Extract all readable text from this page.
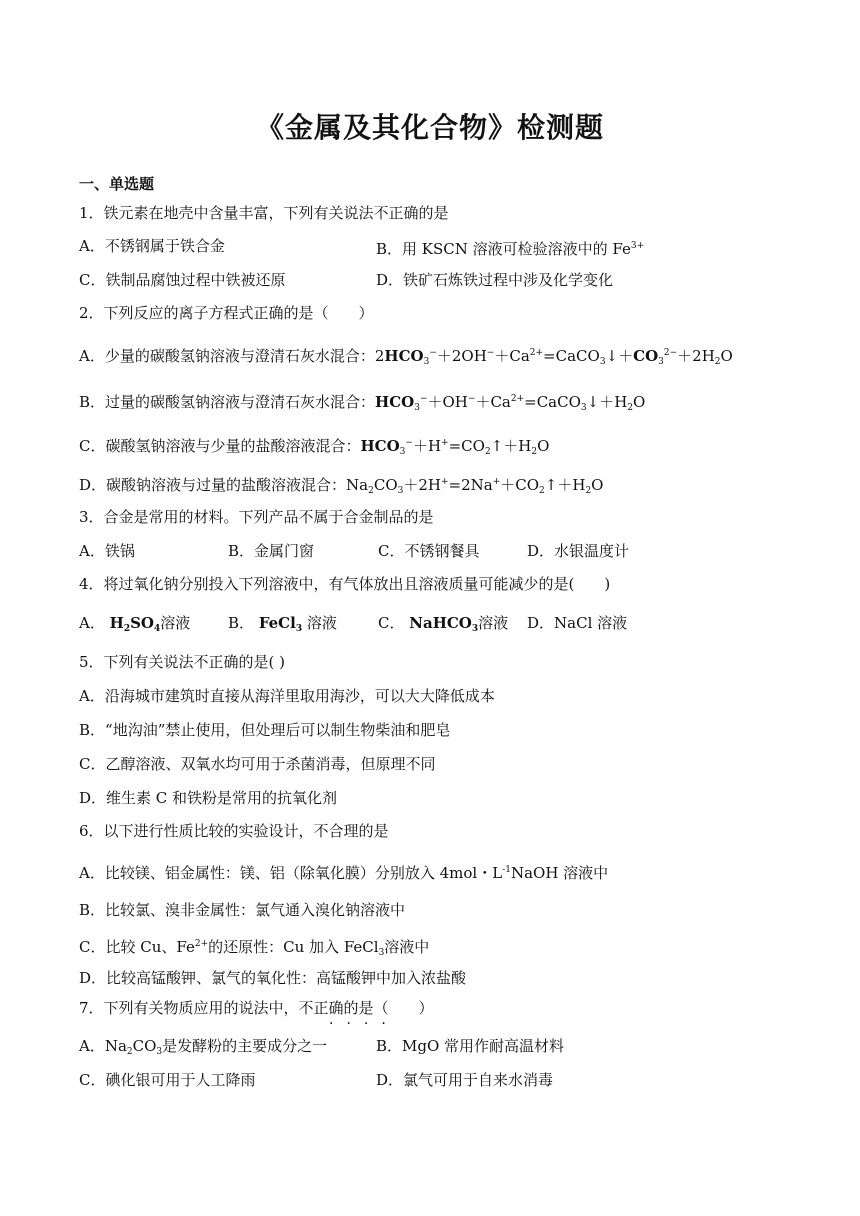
《金属及其化合物》检测题
一、单选题
1．铁元素在地壳中含量丰富，下列有关说法不正确的是
A．不锈钢属于铁合金	B．用 KSCN 溶液可检验溶液中的 $Fe^{3+}$
C．铁制品腐蚀过程中铁被还原	D．铁矿石炼铁过程中涉及化学变化
2．下列反应的离子方程式正确的是（　　）
A．少量的碳酸氢钠溶液与澄清石灰水混合：$2HCO_3^-+2OH^-+Ca^{2+}=CaCO_3↓+CO_3^{2-}+2H_2O$
B．过量的碳酸氢钠溶液与澄清石灰水混合：$HCO_3^-+OH^-+Ca^{2+}=CaCO_3↓+H_2O$
C．碳酸氢钠溶液与少量的盐酸溶液混合：$HCO_3^-+H^+=CO_2↑+H_2O$
D．碳酸钠溶液与过量的盐酸溶液混合：$Na_2CO_3+2H^+=2Na^++CO_2↑+H_2O$
3．合金是常用的材料。下列产品不属于合金制品的是
A．铁锅	B．金属门窗	C．不锈钢餐具	D．水银温度计
4．将过氧化钠分别投入下列溶液中，有气体放出且溶液质量可能减少的是(　　)
A． $H_2SO_4$溶液	B． FeCl$_3$ 溶液	C． NaHCO$_3$溶液 D．NaCl 溶液
5．下列有关说法不正确的是( )
A．沿海城市建筑时直接从海洋里取用海沙，可以大大降低成本
B．“地沟油”禁止使用，但处理后可以制生物柴油和肥皂
C．乙醇溶液、双氧水均可用于杀菌消毒，但原理不同
D．维生素 C 和铁粉是常用的抗氧化剂
6．以下进行性质比较的实验设计，不合理的是
A．比较镁、铝金属性：镁、铝（除氧化膜）分别放入 4mol・$L^{-1}NaOH$ 溶液中
B．比较氯、溴非金属性：氯气通入溴化钠溶液中
C．比较 Cu、$Fe^{2+}$的还原性：Cu 加入 FeCl$_3$溶液中
D．比较高锰酸钾、氯气的氧化性：高锰酸钾中加入浓盐酸
7．下列有关物质应用的说法中，不正确的是（　　）
····
A．$Na_2CO_3$是发酵粉的主要成分之一	B．MgO 常用作耐高温材料
C．碘化银可用于人工降雨	D．氯气可用于自来水消毒
